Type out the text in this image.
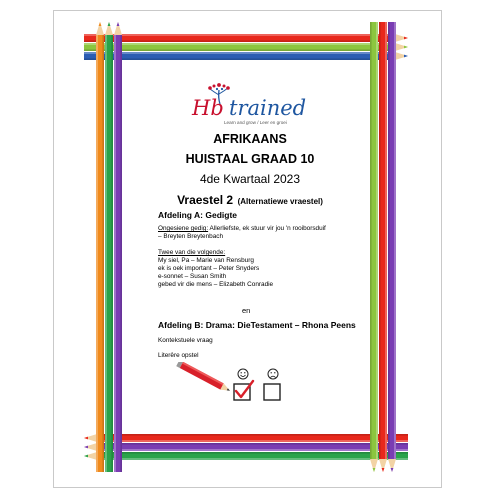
Hb trained
Learn and grow / Leer en groei
AFRIKAANS
HUISTAAL GRAAD 10
4de Kwartaal 2023
Vraestel 2 (Alternatiewe vraestel)
Afdeling A: Gedigte
Ongesiene gedig: Allerliefste, ek stuur vir jou 'n rooiborsduif
– Breyten Breytenbach
Twee van die volgende:
My siel, Pa – Marie van Rensburg
ek is oek important – Peter Snyders
e-sonnet – Susan Smith
gebed vir die mens – Elizabeth Conradie
en
Afdeling B: Drama: DieTestament – Rhona Peens
Kontekstuele vraag
Literêre opstel
